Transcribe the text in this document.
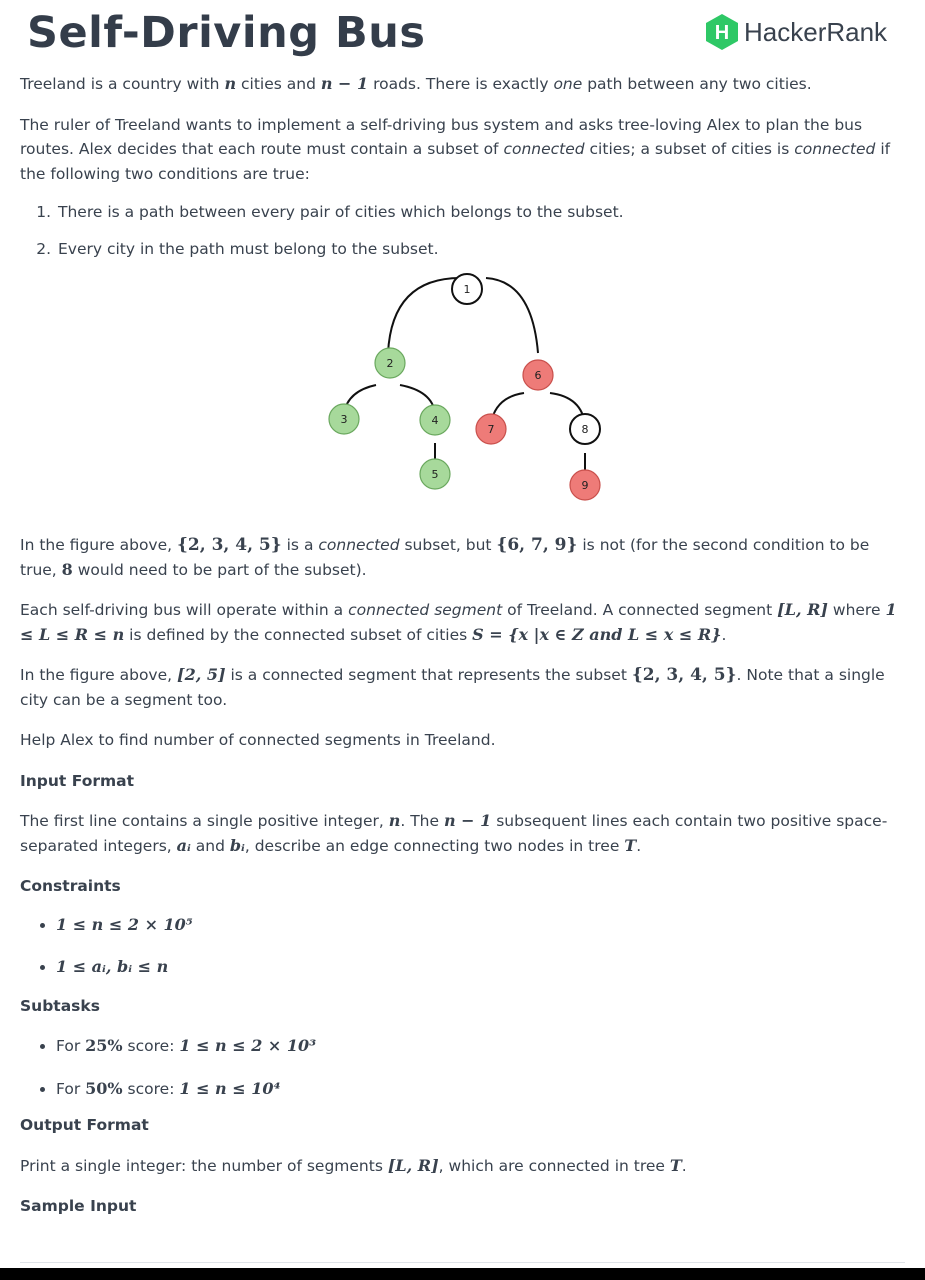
Self-Driving Bus	H HackerRank

Treeland is a country with n cities and n − 1 roads. There is exactly one path between any two cities.

The ruler of Treeland wants to implement a self-driving bus system and asks tree-loving Alex to plan the bus routes. Alex decides that each route must contain a subset of connected cities; a subset of cities is connected if the following two conditions are true:

1. There is a path between every pair of cities which belongs to the subset.
2. Every city in the path must belong to the subset.
1
2
3	4
5
6
7	8
9

In the figure above, {2, 3, 4, 5} is a connected subset, but {6, 7, 9} is not (for the second condition to be true, 8 would need to be part of the subset).

Each self-driving bus will operate within a connected segment of Treeland. A connected segment [L, R] where 1 ≤ L ≤ R ≤ n is defined by the connected subset of cities S = {x |x ∈ Z and L ≤ x ≤ R}.

In the figure above, [2, 5] is a connected segment that represents the subset {2, 3, 4, 5}. Note that a single city can be a segment too.

Help Alex to find number of connected segments in Treeland.

Input Format

The first line contains a single positive integer, n. The n − 1 subsequent lines each contain two positive space-separated integers, aᵢ and bᵢ, describe an edge connecting two nodes in tree T.

Constraints

1 ≤ n ≤ 2 × 10⁵
1 ≤ aᵢ, bᵢ ≤ n

Subtasks

For 25% score: 1 ≤ n ≤ 2 × 10³
For 50% score: 1 ≤ n ≤ 10⁴

Output Format

Print a single integer: the number of segments [L, R], which are connected in tree T.

Sample Input
